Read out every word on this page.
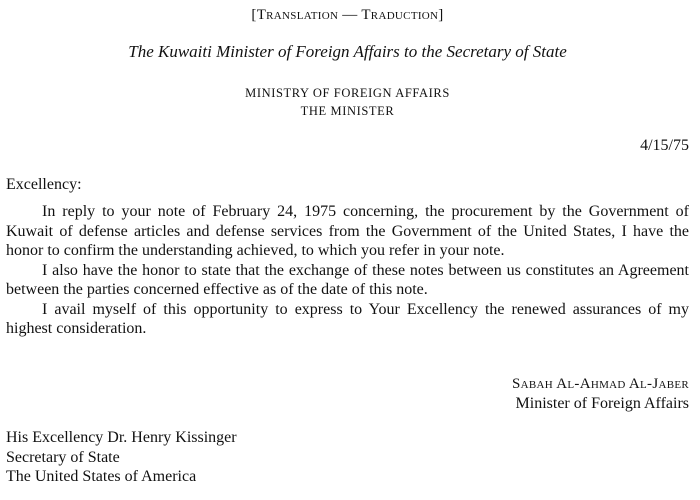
[Translation — Traduction]
The Kuwaiti Minister of Foreign Affairs to the Secretary of State
MINISTRY OF FOREIGN AFFAIRS
THE MINISTER
4/15/75
Excellency:

In reply to your note of February 24, 1975 concerning, the procurement by the Government of Kuwait of defense articles and defense services from the Government of the United States, I have the honor to confirm the understanding achieved, to which you refer in your note.

I also have the honor to state that the exchange of these notes between us constitutes an Agreement between the parties concerned effective as of the date of this note.

I avail myself of this opportunity to express to Your Excellency the renewed assurances of my highest consideration.

Sabah Al-Ahmad Al-Jaber
Minister of Foreign Affairs
His Excellency Dr. Henry Kissinger
Secretary of State
The United States of America
